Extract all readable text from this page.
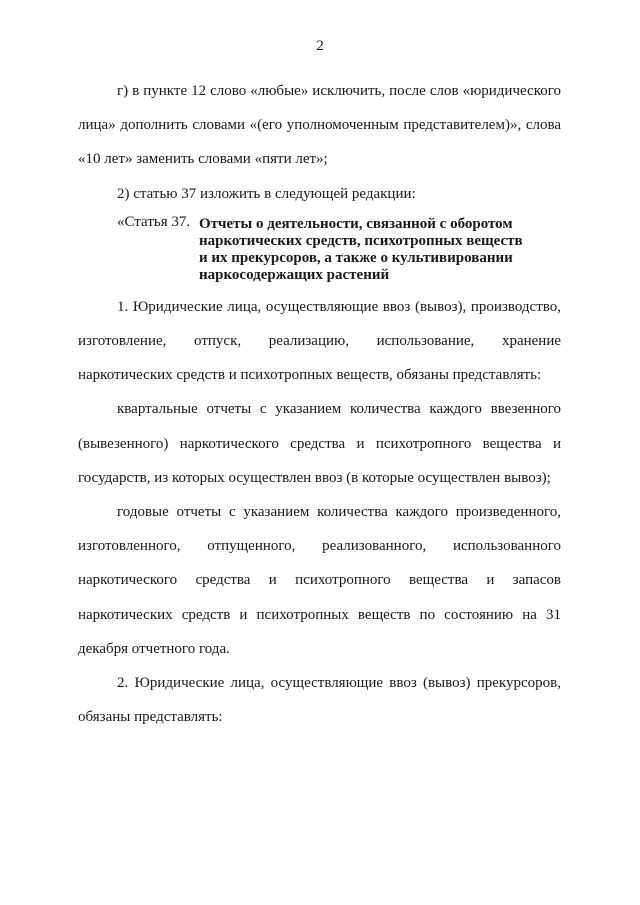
2

г) в пункте 12 слово «любые» исключить, после слов «юридического лица» дополнить словами «(его уполномоченным представителем)», слова «10 лет» заменить словами «пяти лет»;

2) статью 37 изложить в следующей редакции:

«Статья 37. Отчеты о деятельности, связанной с оборотом
наркотических средств, психотропных веществ
и их прекурсоров, а также о культивировании
наркосодержащих растений

1. Юридические лица, осуществляющие ввоз (вывоз), производство, изготовление, отпуск, реализацию, использование, хранение наркотических средств и психотропных веществ, обязаны представлять:

квартальные отчеты с указанием количества каждого ввезенного (вывезенного) наркотического средства и психотропного вещества и государств, из которых осуществлен ввоз (в которые осуществлен вывоз);

годовые отчеты с указанием количества каждого произведенного, изготовленного, отпущенного, реализованного, использованного наркотического средства и психотропного вещества и запасов наркотических средств и психотропных веществ по состоянию на 31 декабря отчетного года.

2. Юридические лица, осуществляющие ввоз (вывоз) прекурсоров, обязаны представлять:
